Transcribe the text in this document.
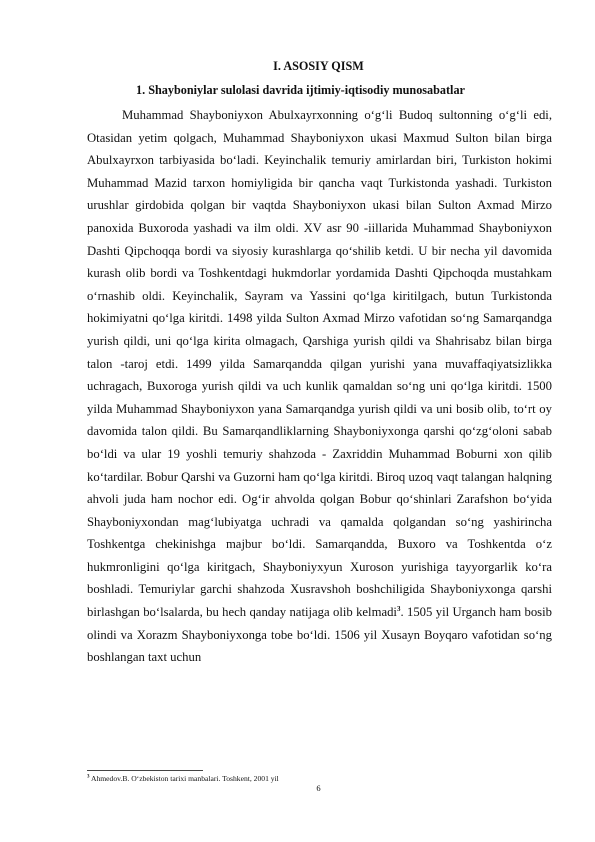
I. ASOSIY QISM
1. Shayboniylar sulolasi davrida ijtimiy-iqtisodiy munosabatlar

Muhammad Shayboniyxon Abulxayrxonning o‘g‘li Budoq sultonning o‘g‘li edi, Otasidan yetim qolgach, Muhammad Shayboniyxon ukasi Maxmud Sulton bilan birga Abulxayrxon tarbiyasida bo‘ladi. Keyinchalik temuriy amirlardan biri, Turkiston hokimi Muhammad Mazid tarxon homiyligida bir qancha vaqt Turkistonda yashadi. Turkiston urushlar girdobida qolgan bir vaqtda Shayboniyxon ukasi bilan Sulton Axmad Mirzo panoxida Buxoroda yashadi va ilm oldi. XV asr 90 -iillarida Muhammad Shayboniyxon Dashti Qipchoqqa bordi va siyosiy kurashlarga qo‘shilib ketdi. U bir necha yil davomida kurash olib bordi va Toshkentdagi hukmdorlar yordamida Dashti Qipchoqda mustahkam o‘rnashib oldi. Keyinchalik, Sayram va Yassini qo‘lga kiritilgach, butun Turkistonda hokimiyatni qo‘lga kiritdi. 1498 yilda Sulton Axmad Mirzo vafotidan so‘ng Samarqandga yurish qildi, uni qo‘lga kirita olmagach, Qarshiga yurish qildi va Shahrisabz bilan birga talon -taroj etdi. 1499 yilda Samarqandda qilgan yurishi yana muvaffaqiyatsizlikka uchragach, Buxoroga yurish qildi va uch kunlik qamaldan so‘ng uni qo‘lga kiritdi. 1500 yilda Muhammad Shayboniyxon yana Samarqandga yurish qildi va uni bosib olib, to‘rt oy davomida talon qildi. Bu Samarqandliklarning Shayboniyxonga qarshi qo‘zg‘oloni sabab bo‘ldi va ular 19 yoshli temuriy shahzoda - Zaxriddin Muhammad Boburni xon qilib ko‘tardilar. Bobur Qarshi va Guzorni ham qo‘lga kiritdi. Biroq uzoq vaqt talangan halqning ahvoli juda ham nochor edi. Og‘ir ahvolda qolgan Bobur qo‘shinlari Zarafshon bo‘yida Shayboniyxondan mag‘lubiyatga uchradi va qamalda qolgandan so‘ng yashirincha Toshkentga chekinishga majbur bo‘ldi. Samarqandda, Buxoro va Toshkentda o‘z hukmronligini qo‘lga kiritgach, Shayboniyxyun Xuroson yurishiga tayyorgarlik ko‘ra boshladi. Temuriylar garchi shahzoda Xusravshoh boshchiligida Shayboniyxonga qarshi birlashgan bo‘lsalarda, bu hech qanday natijaga olib kelmadi$^3$. 1505 yil Urganch ham bosib olindi va Xorazm Shayboniyxonga tobe bo‘ldi. 1506 yil Xusayn Boyqaro vafotidan so‘ng boshlangan taxt uchun

$^3$ Ahmedov.B. O‘zbekiston tarixi manbalari. Toshkent, 2001 yil
6
